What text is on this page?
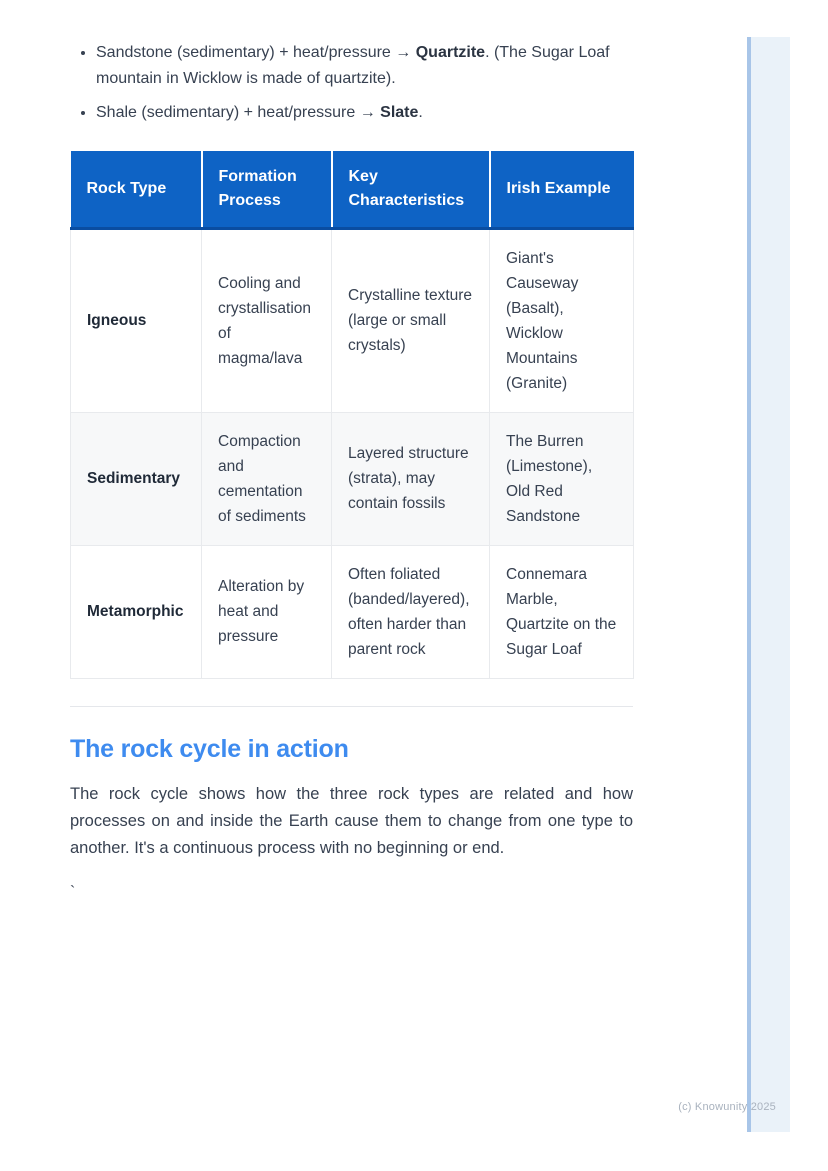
• Sandstone (sedimentary) + heat/pressure → Quartzite. (The Sugar Loaf mountain in Wicklow is made of quartzite).
• Shale (sedimentary) + heat/pressure → Slate.
Rock Type	Formation Process	Key Characteristics	Irish Example
Igneous	Cooling and crystallisation of magma/lava	Crystalline texture (large or small crystals)	Giant's Causeway (Basalt), Wicklow Mountains (Granite)
Sedimentary	Compaction and cementation of sediments	Layered structure (strata), may contain fossils	The Burren (Limestone), Old Red Sandstone
Metamorphic	Alteration by heat and pressure	Often foliated (banded/layered), often harder than parent rock	Connemara Marble, Quartzite on the Sugar Loaf
The rock cycle in action

The rock cycle shows how the three rock types are related and how processes on and inside the Earth cause them to change from one type to another. It's a continuous process with no beginning or end.

`

(c) Knowunity 2025
